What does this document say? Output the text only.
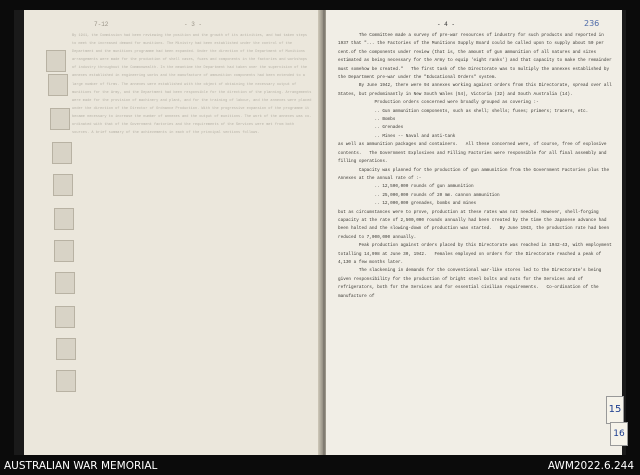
7-12	- 3 -
By 1941, the Commission had been reviewing the position and the growth of its activities, and had taken steps to meet the increased demand for munitions. The Ministry had been established under the control of the Department and the munitions programme had been expanded. Under the direction of the Department of Munitions arrangements were made for the production of shell cases, fuzes and components in the factories and workshops of industry throughout the Commonwealth. In the meantime the Department had taken over the supervision of the annexes established in engineering works and the manufacture of ammunition components had been extended to a large number of firms. The annexes were established with the object of obtaining the necessary output of munitions for the Army, and the Department had been responsible for the direction of the planning. Arrangements were made for the provision of machinery and plant, and for the training of labour, and the annexes were placed under the direction of the Director of Ordnance Production. With the progressive expansion of the programme it became necessary to increase the number of annexes and the output of munitions. The work of the annexes was co-ordinated with that of the Government factories and the requirements of the Services were met from both sources. A brief summary of the achievements in each of the principal sections follows.
- 4 -	236

The Committee made a survey of pre-war resources of industry for such products and reported in 1937 that "... the Factories of the Munitions Supply Board could be called upon to supply about 50 per cent.of the components under review (that is, the amount of gun ammunition of all natures and sizes estimated as being necessary for the Army to equip 'eight ranks') and that capacity to make the remainder must somehow be created."   The first task of the Directorate was to multiply the annexes established by the Department pre-war under the "Educational Orders" system.

By June 1942, there were 94 annexes working against orders from this Directorate, spread over all States, but predominantly in New South Wales (54), Victoria (32) and South Australia (14).

Production orders concerned were broadly grouped as covering :-

.. Gun ammunition components, such as shell; shells; fuses; primers; tracers, etc.

.. Bombs

.. Grenades

.. Mines -- Naval and anti-tank

as well as ammunition packages and containers.   All these concerned were, of course, free of explosive contents.   The Government Explosives and Filling Factories were responsible for all final assembly and filling operations.

Capacity was planned for the production of gun ammunition from the Government Factories plus the Annexes at the annual rate of :-

.. 12,500,000 rounds of gun ammunition

.. 25,000,000 rounds of 20 mm. cannon ammunition

.. 12,000,000 grenades, bombs and mines

but as circumstances were to prove, production at these rates was not needed. However, shell-forging capacity at the rate of 2,500,000 rounds annually had been created by the time the Japanese advance had been halted and the slowing-down of production was started.   By June 1943, the production rate had been reduced to 7,000,000 annually.

Peak production against orders placed by this Directorate was reached in 1942-43, with employment totalling 14,998 at June 30, 1942.   Females employed on orders for the Directorate reached a peak of 4,130 a few months later.

The slackening in demands for the conventional war-like stores led to the Directorate's being given responsibility for the production of bright steel bolts and nuts for the Services and of refrigerators, both for the Services and for essential civilian requirements.   Co-ordination of the manufacture of

15
16
AUSTRALIAN WAR MEMORIAL	AWM2022.6.244
